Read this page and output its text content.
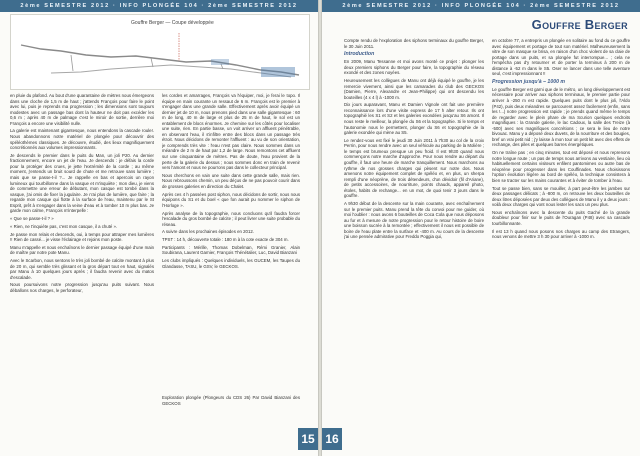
2ème SEMESTRE 2012 · INFO PLONGÉE 104 · 2ème SEMESTRE 2012
Gouffre Berger — Coupe développée

en pluie du plafond. Au bout d'une quarantaine de mètres nous émergeons dans une cloche de 1,5 m de haut ; j'attends François pour faire le point avec lui, puis je reprends ma progression ; les dimensions sont toujours modestes avec un passage bas dont la hauteur ne doit pas excéder les 0,6 m ; après 40 m de palmage c'est le miroir de sortie, derrière moi François a encore une visibilité nulle.

La galerie est maintenant gigantesque, nous entendons la cascade rouler. Nous abandonnons notre matériel de plongée pour découvrir des spéléothèmes classiques. Je découvre, étudié, des lieux magnifiquement concrétionnés aux volumes impressionnants.

Je descends le premier dans le puits du Man, un joli P20. Au dernier fractionnement, encore un jet de l'eau. Je descends : je défais la corde pour la protéger des crues, je jette l'extrémité de la corde ; au même moment, j'entends un bruit sourd de chute et me retrouve sans lumière ; mais que se passe-t-il ?... Je rappelle en bas et apercois un rayon lumineux qui tourbillonne dans la vasque et m'inquiète ; mon dieu, je viens de commettre une erreur de débutant, mon casque est tombé dans la vasque, j'ai omis de fixer la jugulaire. Je n'ai plus de lumière, que faire ; la regarde mon casque qui flotte à la surface de l'eau, maintenu par le St Esprit, prêt à s'engager dans la veine d'eau et à tomber 10 m plus bas. Je garde mon calme, François m'interpelle :

« Que se passe-t-il ? »

« Rien, ne t'inquiète pas, c'est mon casque, il a chuté ».

Je passe mon relais et descends, oui, à temps pour attraper mes lumières !! Rien de cassé... je visse l'éclairage et rejoins mon poste.

Manu m'appelle et nous enchaînons le dernier passage équipé d'une main de maître par notre pote Manu.

Avec le Scarbon, nous sentons le très joli bombé de calcite montant à plus de 20 m, qui semble très glissant et la gros départ tout en haut, signalés par Manu à 10 quelques jours après ; il faudra revenir avec du matos d'escalade.

Nous poursuivons notre progression jusqu'au puits suivant. Nous déballons nos charges, le perforateur,

les cordes et amarrages, François va l'équiper, moi, je ferai le topo. Il équipe en main courante un ressaut de 6 m. François est le premier à s'engager dans une grande salle. Effectivement après avoir équipé un dernier jet de 10 m, nous prenons pied dans une salle gigantesque : 60 m de long, 40 m de large et plus de 25 m de haut, le sol est un entablement de blocs énormes. Je chemine sur les côtés pour localiser une suite, rien. En partie basse, un voit arriver un affluent pénétrable, en observant l'eau, il s'infiltre entre des blocs dans un passage très étroit. Nous décidons de remonter l'affluent : au vu de son orientation, je comprends très vite : l'eau n'est pas claire. Nous sommes dans un méandre de 2 m de haut par 1,2 de large. Nous remontons cet affluent sur une cinquantaine de mètres. Pas de doute, l'eau provient de la perte de la galerie du dessus ; nous sommes donc en train de revenir vers l'amont et nous ne pourrons pas dans le collecteur principal.

Nous cherchons en vain une suite dans cette grande salle, mais rien. Nous rebroussons chemin, un peu déçus de ne pas pouvoir courir dans de grosses galeries en direction du Chalet.

Après ces 4 h passées post siphon, nous décidons de sortir, nous nous équipons du S1 et du boel « que fon aurait pu nommer le siphon de l'Horloge ».

Après analyse de la topographie, nous concluons qu'il faudra forcer l'escalade du gros bombé de calcite ; il peut livrer une suite probable du réseau.

A suivre dans les prochaines épisodes en 2012.

TPST : 14 h, découverte totale : 180 m à la cote exacte de 304 m.

Participants : Mérille, Thomas Dobelman, Rémi Granier, Alain Soubirana, Laurent Garnier, François Thénétalier, Luc, David Bianzani

Les clubs impliqués : Quelques individuels, les GUCEM, les Taupes du Glandasse, TASU, le GSV, le GECKOS.

Exploration plongée (Plongeurs du CDS 26) Par David Bianzani des GECKOS
15
2ème SEMESTRE 2012 · INFO PLONGÉE 104 · 2ème SEMESTRE 2012
Gouffre Berger

Compte rendu de l'exploration des siphons terminaux du gouffre Berger, le 30 Juin 2011.

Introduction

En 2009, Manu Tessanne et moi avons monté ce projet : plonger les deux premiers siphons du Berger pour faire, la topographie du réseau exondé et des zones noyées.

Heureusement les collègues de Manu ont déjà équipé le gouffre, je les remercie vivement, ainsi que les camarades du club des GECKOS (Damien, Pierre, Alexandre et Jean-Philippe) qui ont descendu les bouteilles (4 x 4 l) à -1000 m.

Dix jours auparavant, Manu et Damien Vignole ont fait une première reconnaissance lors d'une visite express de 17 h alter retour. Ils ont topographié les S1 et S2 et les galeries exondées jusqu'au S6 amont. Il nous reste le meilleur, la plongée du S6 et la topographie. Si le temps et l'autonomie nous le permettent, plonger du S6 et topographie de la galerie exondée qui mène au S5.

Le rendez-vous est fixé le jeudi 30 Juin 2011 à 7h30 au col de la croix Perrin, pour nous rendre avec un seul véhicule au parking de la Molière ; le temps est brumeux presque un peu froid. Il est 9h30 quand nous commençons notre marche d'approche. Pour nous rendre au départ du gouffre, il faut une heure de marche tranquillement. Nous marchons au rythme de nos grosses charges qui pèsent sur notre dos. Nous amenons notre équipement complet de spéléo et, en plus, un sherpa rempli d'une néoprène, de trois détendeurs, d'un dévidoir (fil d'Ariane), de petits accessoires, de nourriture, points chauds, appareil photo, étoles, habits de rechange... en un mot, de quoi tenir 3 jours dans le gouffre.

A 9h30 début de la descente sur la main courante, avec enchaînement sur le premier puits. Manu prend la tête du convoi pour me guider, où moi l'oublier : nous avons 6 bouteilles de Coca Cola que nous déposons au fur et à mesure de notre progression pour le retour histoire de boire une boisson sucrée à la remontée ; effectivement il nous est possible de boire de l'eau plate entre la surface et -400 m. Au cours de la descente j'ai une pensée admirative pour Freddo Poggia qui,

en octobre 77, a entrepris un plongée en solitaire au fond du ce gouffre avec équipement et portage de tout son matériel. Malheureusement la vitre de son masque se brisa, en raison d'un choc violent de sa claie de portage dans un puits, et sa plongée fut interrompue... ; cela ne l'empêcha pas d'y retourner et de porter la terminus à 200 m de distance à -52 m dans le S5. Oser se lancer dans une telle aventure seul, c'est impressionnant !!

Progression jusqu'à – 1000 m

Le gouffre Berger est garni que de le métro, un long développement est nécessaire pour arriver aux siphons terminaux, le premier partie pour arriver à -250 m est rapide. Quelques puits dont le plus joli, l'Aldo (P42), puis deux méandres se parcourent assez facilement (enfin, sans les !...) notre progression est rapide ; je prends quand même le temps de regarder avec le plein phare de ma Scurion quelques endroits magnifiques : la Grande galerie, le lac Cadoux, la salle des Treize (à -500) avec ses magnifiques concrétions ; ce sera le lieu de notre bivouac. Manu y a déposé deux duvets, de la nourriture et des bougies, bref un vrai petit nid ; j'y laisse à mon tour un petit kit avec des effets de rechange, des piles et quelques barres énergétiques.

On ne traîne pas ; en cinq minutes, tout est déposé et nous reprenons notre longue route ; un pas de temps nous arrivons au vestiaire, lieu où habituellement certains visiteurs enfilent pantomimes ou autre bas de néoprène pour progresser dans les Couffinades. Nous choisissons l'option évolution légère au bord de spéléo, la technique consistera à bien se tracter sur les mains courantes et à éviter de tomber à l'eau.

Tout se passe bien, sans se mouiller, à part peut-être les jambes sur deux passages délicats ; à -800 m, on retrouve les deux bouteilles de deux litres déposées par deux des collègues de Manu il y a deux jours : voilà deux charges qui vont nous lester les sacs un peu plus.

Nous enchaînons avec la descente du puits Gaché de la grande doubleur pour finir sur le puits de l'Ouragan (P48) avec sa cascade tourbillonnante.

Il est 13 h quand nous posons nos charges au camp des Etrangers, nous venons de mettre 3 h 30 pour arriver à -1000 m.

16
